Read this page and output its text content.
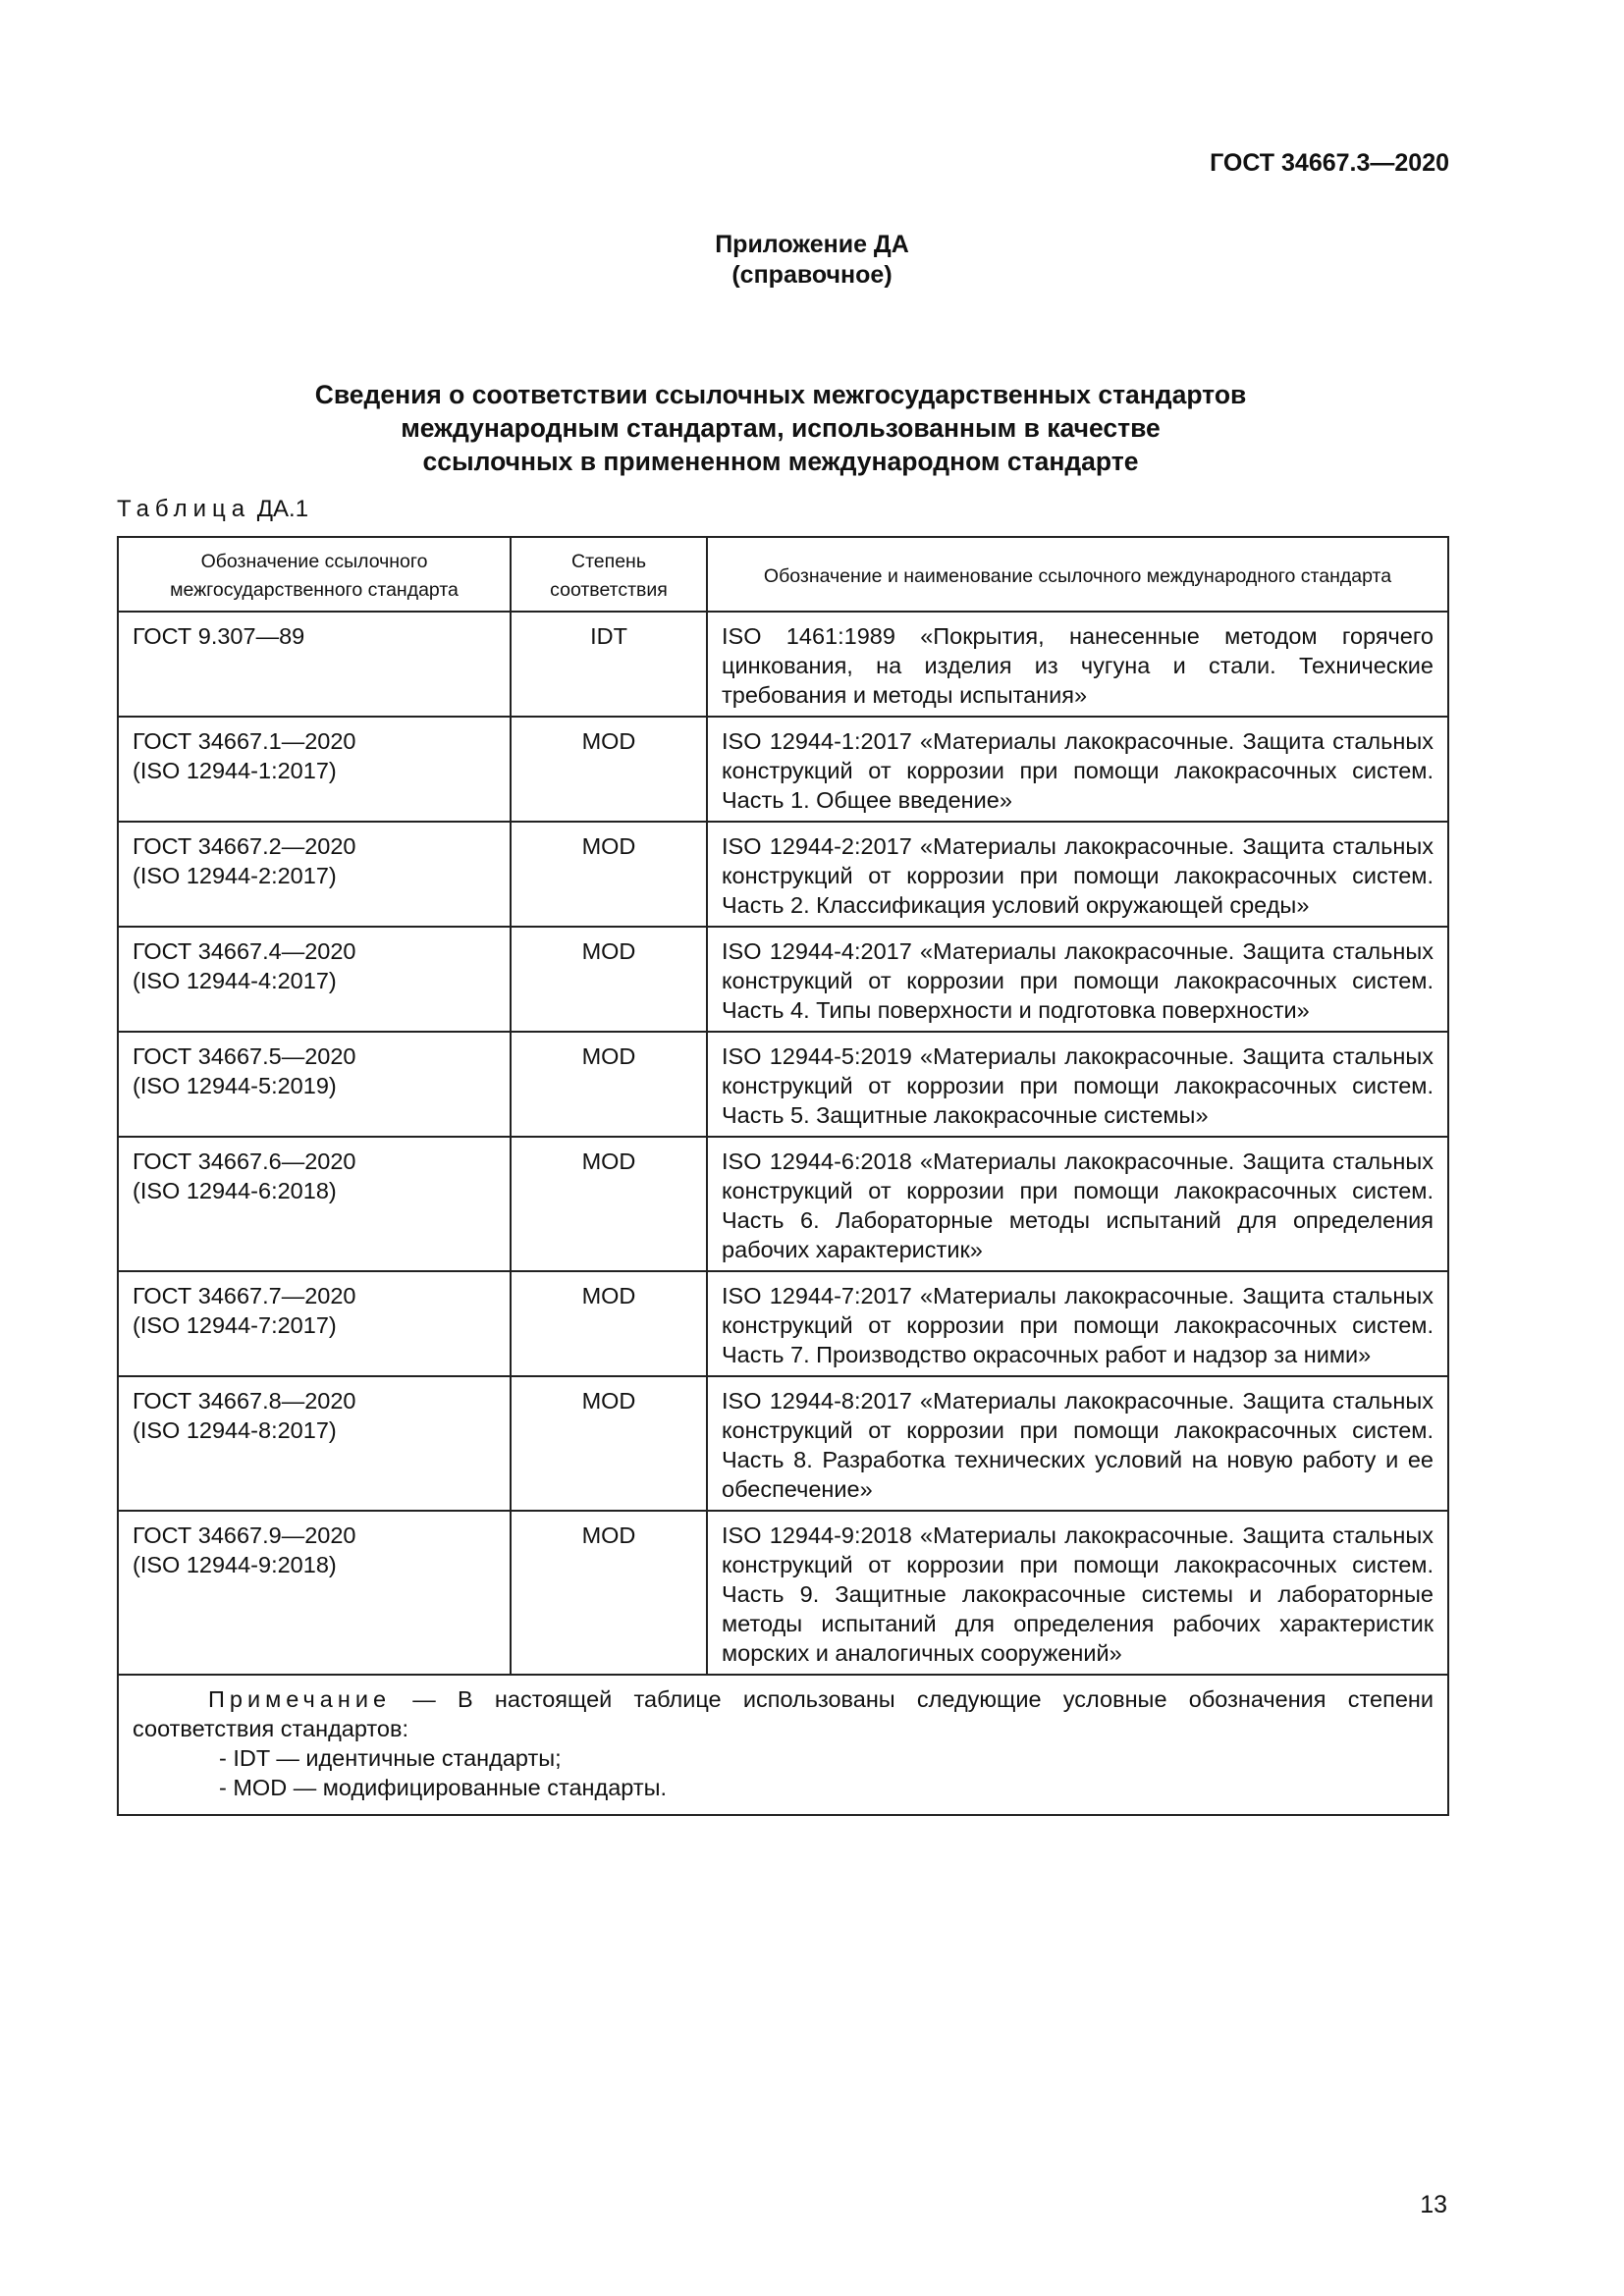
ГОСТ 34667.3—2020
Приложение ДА
(справочное)
Сведения о соответствии ссылочных межгосударственных стандартов
международным стандартам, использованным в качестве
ссылочных в примененном международном стандарте
Таблица ДА.1
Обозначение ссылочного межгосударственного стандарта	Степень соответствия	Обозначение и наименование ссылочного международного стандарта

ГОСТ 9.307—89	IDT	ISO 1461:1989 «Покрытия, нанесенные методом горячего цинкования, на изделия из чугуна и стали. Технические требования и методы испытания»

ГОСТ 34667.1—2020
(ISO 12944-1:2017)	MOD	ISO 12944-1:2017 «Материалы лакокрасочные. Защита стальных конструкций от коррозии при помощи лакокрасочных систем. Часть 1. Общее введение»

ГОСТ 34667.2—2020
(ISO 12944-2:2017)	MOD	ISO 12944-2:2017 «Материалы лакокрасочные. Защита стальных конструкций от коррозии при помощи лакокрасочных систем. Часть 2. Классификация условий окружающей среды»

ГОСТ 34667.4—2020
(ISO 12944-4:2017)	MOD	ISO 12944-4:2017 «Материалы лакокрасочные. Защита стальных конструкций от коррозии при помощи лакокрасочных систем. Часть 4. Типы поверхности и подготовка поверхности»

ГОСТ 34667.5—2020
(ISO 12944-5:2019)	MOD	ISO 12944-5:2019 «Материалы лакокрасочные. Защита стальных конструкций от коррозии при помощи лакокрасочных систем. Часть 5. Защитные лакокрасочные системы»

ГОСТ 34667.6—2020
(ISO 12944-6:2018)	MOD	ISO 12944-6:2018 «Материалы лакокрасочные. Защита стальных конструкций от коррозии при помощи лакокрасочных систем. Часть 6. Лабораторные методы испытаний для определения рабочих характеристик»

ГОСТ 34667.7—2020
(ISO 12944-7:2017)	MOD	ISO 12944-7:2017 «Материалы лакокрасочные. Защита стальных конструкций от коррозии при помощи лакокрасочных систем. Часть 7. Производство окрасочных работ и надзор за ними»

ГОСТ 34667.8—2020
(ISO 12944-8:2017)	MOD	ISO 12944-8:2017 «Материалы лакокрасочные. Защита стальных конструкций от коррозии при помощи лакокрасочных систем. Часть 8. Разработка технических условий на новую работу и ее обеспечение»

ГОСТ 34667.9—2020
(ISO 12944-9:2018)	MOD	ISO 12944-9:2018 «Материалы лакокрасочные. Защита стальных конструкций от коррозии при помощи лакокрасочных систем. Часть 9. Защитные лакокрасочные системы и лабораторные методы испытаний для определения рабочих характеристик морских и аналогичных сооружений»

Примечание — В настоящей таблице использованы следующие условные обозначения степени соответствия стандартов:

- IDT — идентичные стандарты;

- MOD — модифицированные стандарты.		

13
